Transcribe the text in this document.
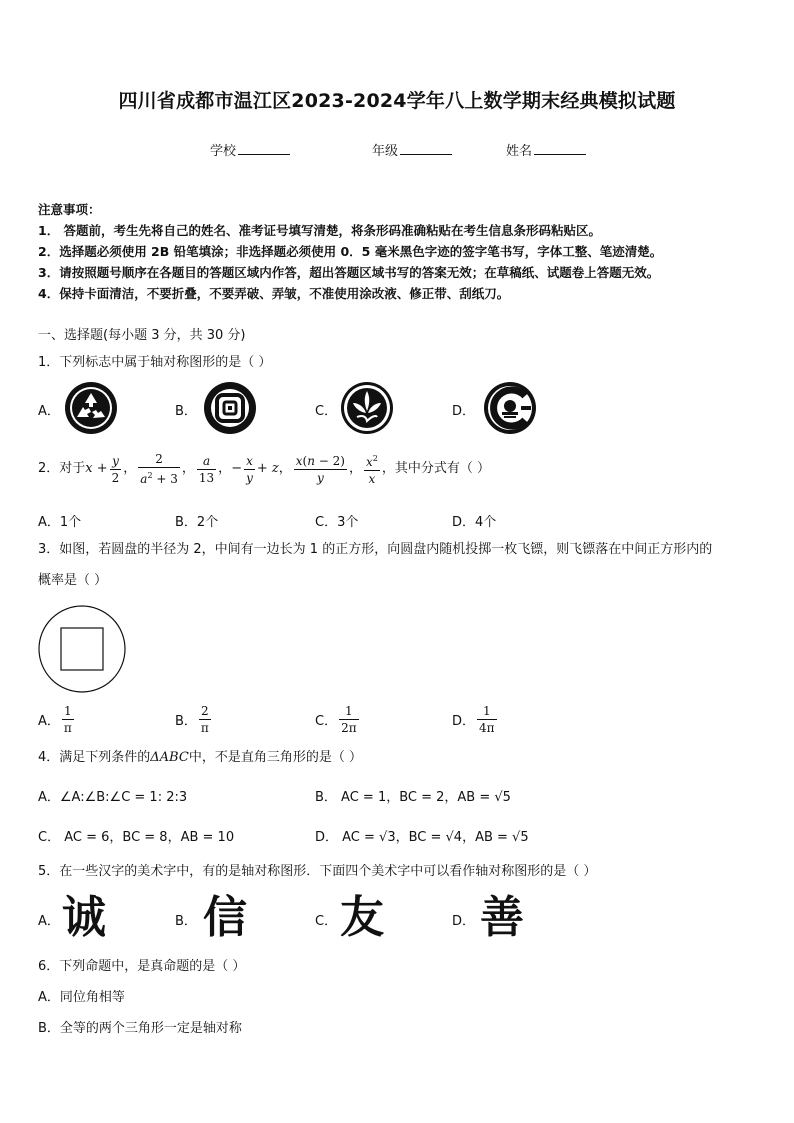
四川省成都市温江区2023-2024学年八上数学期末经典模拟试题
学校	年级	姓名
注意事项：
1． 答题前，考生先将自己的姓名、准考证号填写清楚，将条形码准确粘贴在考生信息条形码粘贴区。
2．选择题必须使用 2B 铅笔填涂；非选择题必须使用 0．5 毫米黑色字迹的签字笔书写，字体工整、笔迹清楚。
3．请按照题号顺序在各题目的答题区域内作答，超出答题区域书写的答案无效；在草稿纸、试题卷上答题无效。
4．保持卡面清洁，不要折叠，不要弄破、弄皱，不准使用涂改液、修正带、刮纸刀。
一、选择题(每小题 3 分，共 30 分)
1．下列标志中属于轴对称图形的是（ ）
A．	B．	C．	D．
2．对于 $x + \frac{y}{2}$ ， $\frac{2}{a^2 + 3}$ ， $\frac{a}{13}$ ， − $\frac{x}{y} + z$ ， $\frac{x(n - 2)}{y}$ ， $\frac{x^2}{x}$ ，其中分式有（ ）
A．1个	B．2个	C．3个	D．4个
3．如图，若圆盘的半径为 2，中间有一边长为 1 的正方形，向圆盘内随机投掷一枚飞镖，则飞镖落在中间正方形内的
概率是（ ）
A． $\frac{1}{\pi}$	B． $\frac{2}{\pi}$	C． $\frac{1}{2\pi}$	D． $\frac{1}{4\pi}$
4．满足下列条件的ΔABC中，不是直角三角形的是（ ）
A．∠A:∠B:∠C = 1: 2:3	B． AC = 1，BC = 2，AB = √5
C． AC = 6，BC = 8，AB = 10	D． AC = √3，BC = √4，AB = √5
5．在一些汉字的美术字中，有的是轴对称图形．下面四个美术字中可以看作轴对称图形的是（ ）
A． 诚	B． 信	C． 友	D． 善
6．下列命题中，是真命题的是（ ）
A．同位角相等
B．全等的两个三角形一定是轴对称
